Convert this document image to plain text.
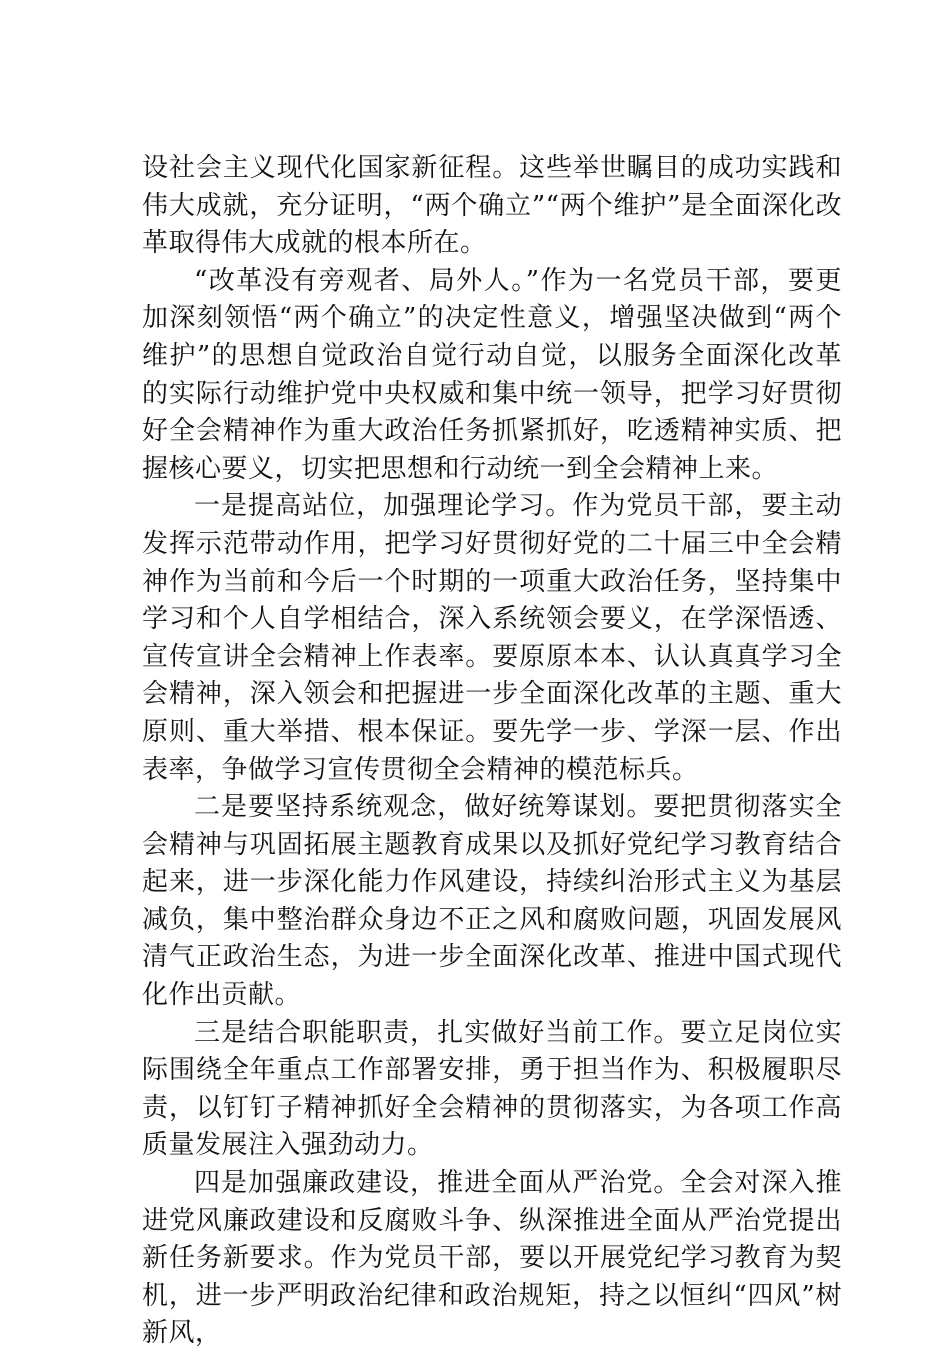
设社会主义现代化国家新征程。这些举世瞩目的成功实践和伟大成就，充分证明，“两个确立”“两个维护”是全面深化改革取得伟大成就的根本所在。

“改革没有旁观者、局外人。”作为一名党员干部，要更加深刻领悟“两个确立”的决定性意义，增强坚决做到“两个维护”的思想自觉政治自觉行动自觉，以服务全面深化改革的实际行动维护党中央权威和集中统一领导，把学习好贯彻好全会精神作为重大政治任务抓紧抓好，吃透精神实质、把握核心要义，切实把思想和行动统一到全会精神上来。

一是提高站位，加强理论学习。作为党员干部，要主动发挥示范带动作用，把学习好贯彻好党的二十届三中全会精神作为当前和今后一个时期的一项重大政治任务，坚持集中学习和个人自学相结合，深入系统领会要义，在学深悟透、宣传宣讲全会精神上作表率。要原原本本、认认真真学习全会精神，深入领会和把握进一步全面深化改革的主题、重大原则、重大举措、根本保证。要先学一步、学深一层、作出表率，争做学习宣传贯彻全会精神的模范标兵。

二是要坚持系统观念，做好统筹谋划。要把贯彻落实全会精神与巩固拓展主题教育成果以及抓好党纪学习教育结合起来，进一步深化能力作风建设，持续纠治形式主义为基层减负，集中整治群众身边不正之风和腐败问题，巩固发展风清气正政治生态，为进一步全面深化改革、推进中国式现代化作出贡献。

三是结合职能职责，扎实做好当前工作。要立足岗位实际围绕全年重点工作部署安排，勇于担当作为、积极履职尽责，以钉钉子精神抓好全会精神的贯彻落实，为各项工作高质量发展注入强劲动力。

四是加强廉政建设，推进全面从严治党。全会对深入推进党风廉政建设和反腐败斗争、纵深推进全面从严治党提出新任务新要求。作为党员干部，要以开展党纪学习教育为契机，进一步严明政治纪律和政治规矩，持之以恒纠“四风”树新风，
